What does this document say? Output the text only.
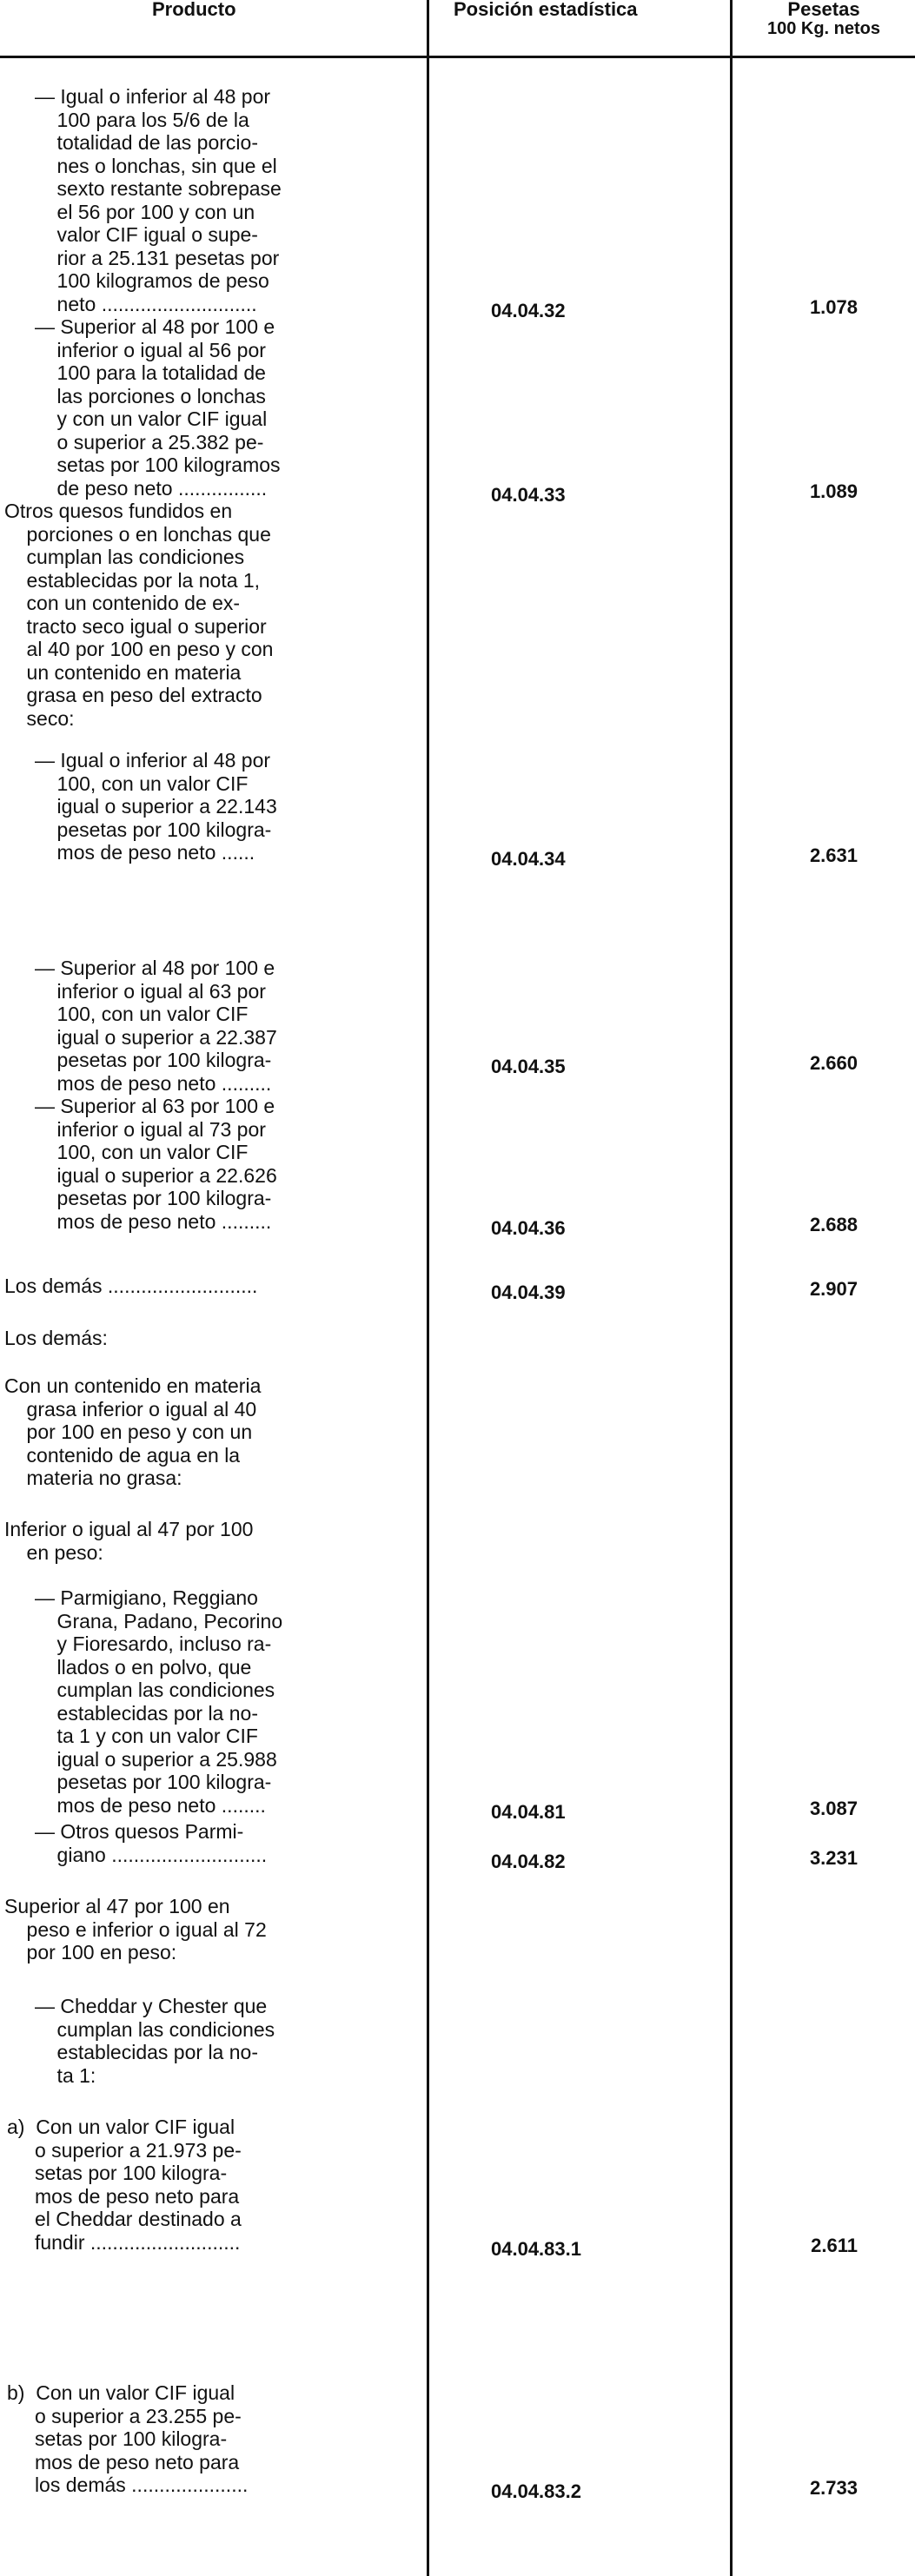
Producto	Posición estadística	Pesetas
100 Kg. netos
— Igual o inferior al 48 por
100 para los 5/6 de la
totalidad de las porcio-
nes o lonchas, sin que el
sexto restante sobrepase
el 56 por 100 y con un
valor CIF igual o supe-
rior a 25.131 pesetas por
100 kilogramos de peso
neto ............................	04.04.32	1.078
— Superior al 48 por 100 e
inferior o igual al 56 por
100 para la totalidad de
las porciones o lonchas
y con un valor CIF igual
o superior a 25.382 pe-
setas por 100 kilogramos
de peso neto ................	04.04.33	1.089
Otros quesos fundidos en
porciones o en lonchas que
cumplan las condiciones
establecidas por la nota 1,
con un contenido de ex-
tracto seco igual o superior
al 40 por 100 en peso y con
un contenido en materia
grasa en peso del extracto
seco:
— Igual o inferior al 48 por
100, con un valor CIF
igual o superior a 22.143
pesetas por 100 kilogra-
mos de peso neto ......	04.04.34	2.631
— Superior al 48 por 100 e
inferior o igual al 63 por
100, con un valor CIF
igual o superior a 22.387
pesetas por 100 kilogra-
mos de peso neto .........
04.04.35	2.660
— Superior al 63 por 100 e
inferior o igual al 73 por
100, con un valor CIF
igual o superior a 22.626
pesetas por 100 kilogra-
mos de peso neto .........	04.04.36	2.688
Los demás ...........................	04.04.39	2.907
Los demás:
Con un contenido en materia
grasa inferior o igual al 40
por 100 en peso y con un
contenido de agua en la
materia no grasa:
Inferior o igual al 47 por 100
en peso:
— Parmigiano, Reggiano
Grana, Padano, Pecorino
y Fioresardo, incluso ra-
llados o en polvo, que
cumplan las condiciones
establecidas por la no-
ta 1 y con un valor CIF
igual o superior a 25.988
pesetas por 100 kilogra-
mos de peso neto ........	04.04.81	3.087
— Otros quesos Parmi-
giano ............................	04.04.82	3.231
Superior al 47 por 100 en
peso e inferior o igual al 72
por 100 en peso:
— Cheddar y Chester que
cumplan las condiciones
establecidas por la no-
ta 1:
a)  Con un valor CIF igual
o superior a 21.973 pe-
setas por 100 kilogra-
mos de peso neto para
el Cheddar destinado a
fundir ...........................	04.04.83.1	2.611
b)  Con un valor CIF igual
o superior a 23.255 pe-
setas por 100 kilogra-
mos de peso neto para
los demás .....................	04.04.83.2	2.733
